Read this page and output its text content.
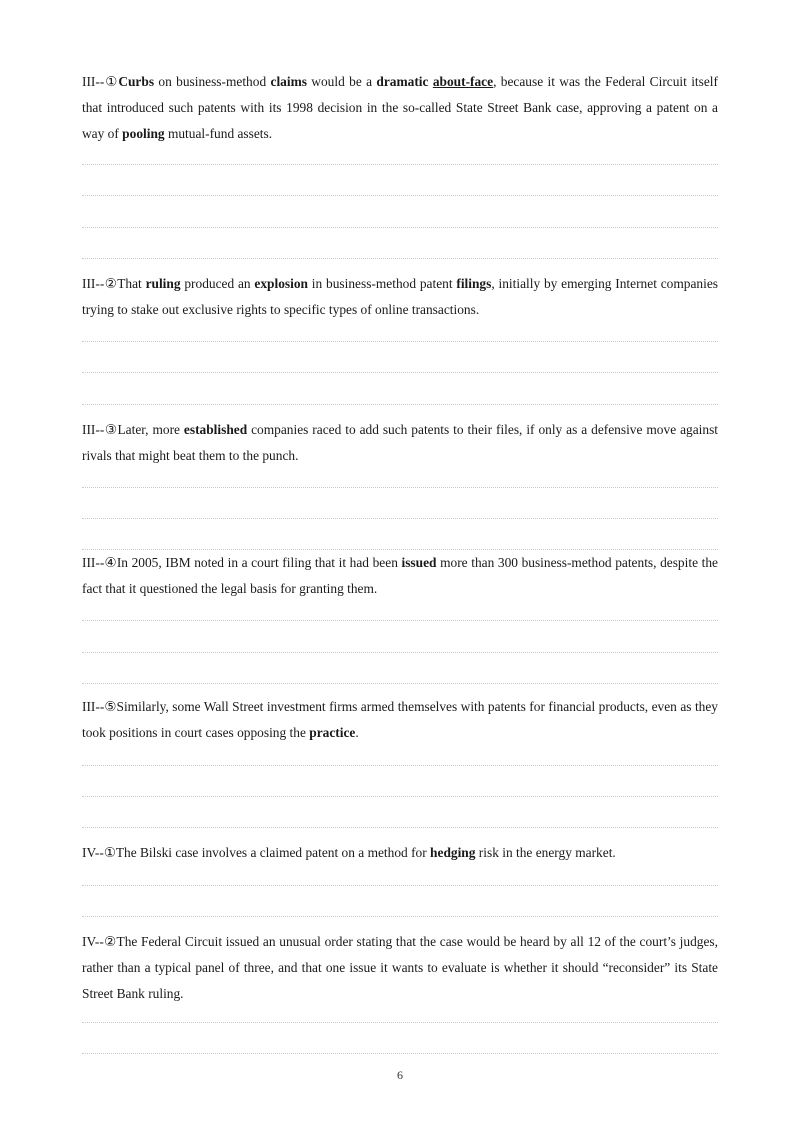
III--①Curbs on business-method claims would be a dramatic about-face, because it was the Federal Circuit itself that introduced such patents with its 1998 decision in the so-called State Street Bank case, approving a patent on a way of pooling mutual-fund assets.

III--②That ruling produced an explosion in business-method patent filings, initially by emerging Internet companies trying to stake out exclusive rights to specific types of online transactions.

III--③Later, more established companies raced to add such patents to their files, if only as a defensive move against rivals that might beat them to the punch.

III--④In 2005, IBM noted in a court filing that it had been issued more than 300 business-method patents, despite the fact that it questioned the legal basis for granting them.

III--⑤Similarly, some Wall Street investment firms armed themselves with patents for financial products, even as they took positions in court cases opposing the practice.

IV--①The Bilski case involves a claimed patent on a method for hedging risk in the energy market.

IV--②The Federal Circuit issued an unusual order stating that the case would be heard by all 12 of the court’s judges, rather than a typical panel of three, and that one issue it wants to evaluate is whether it should “reconsider” its State Street Bank ruling.

6
